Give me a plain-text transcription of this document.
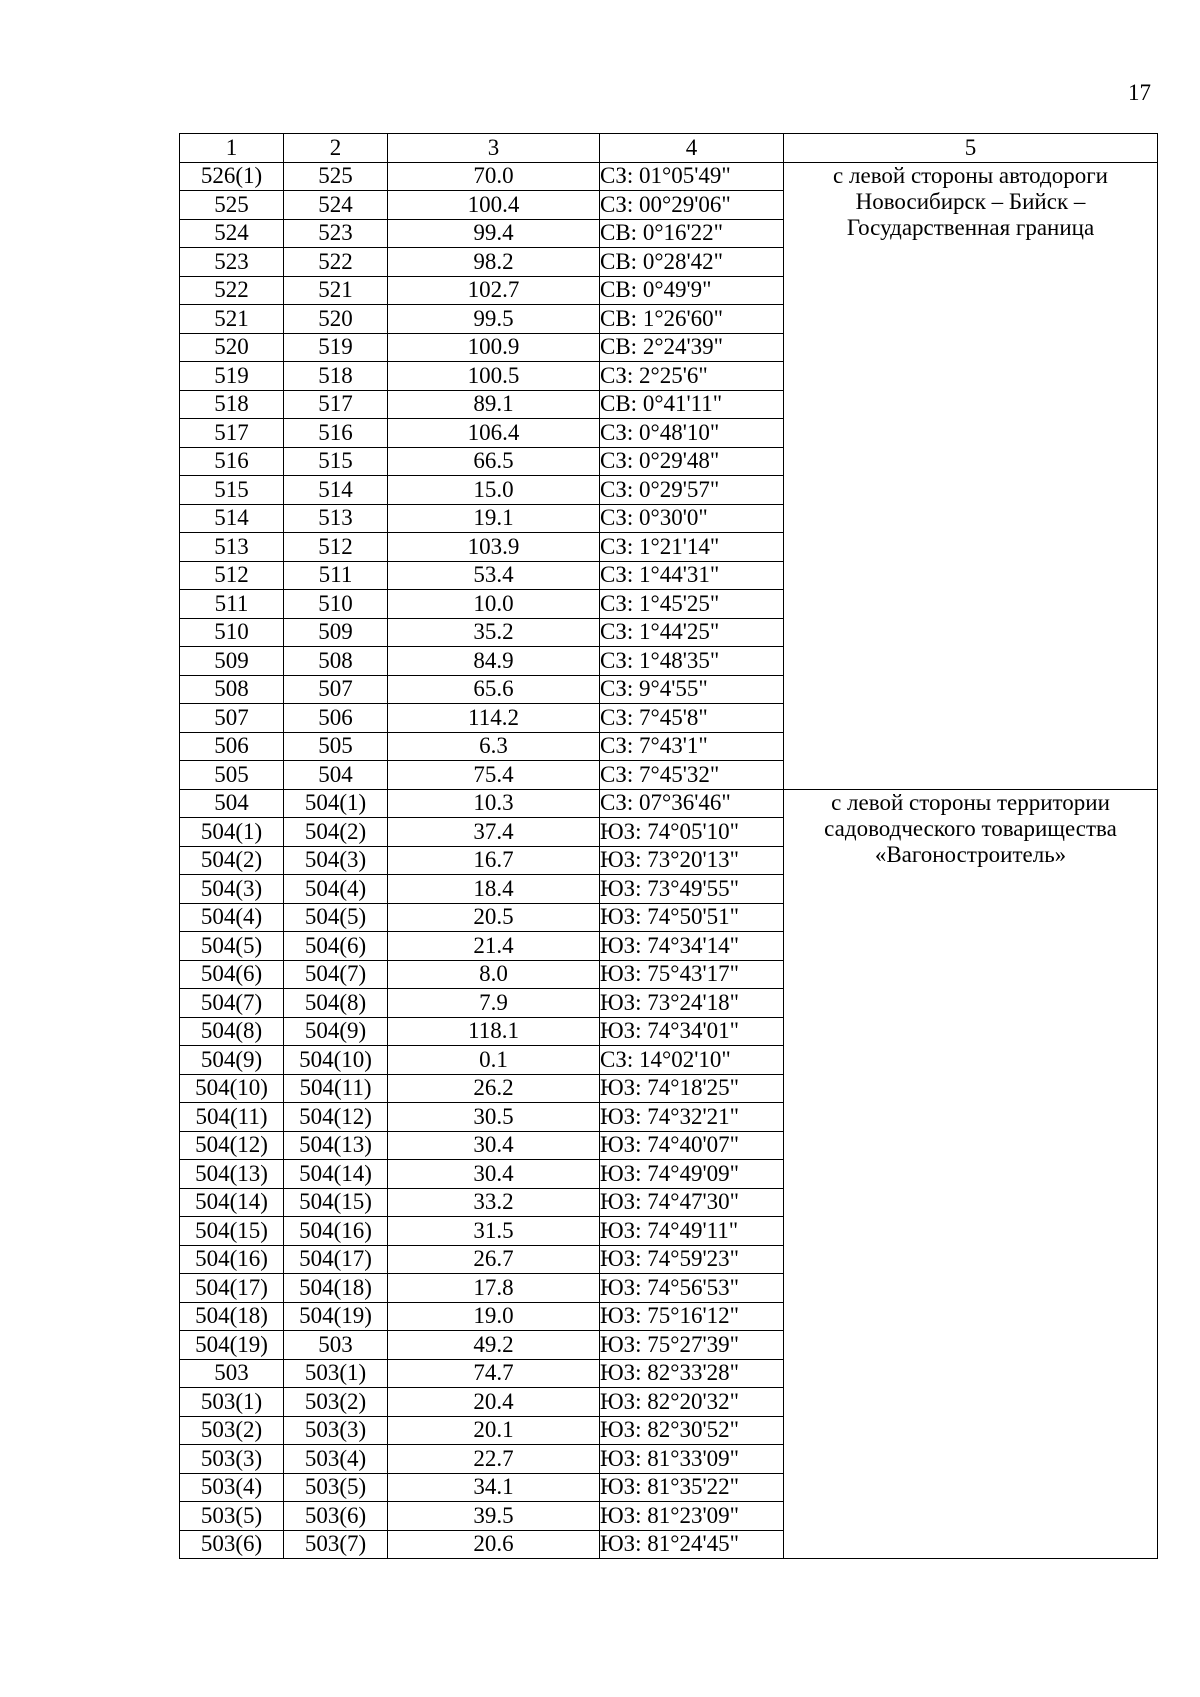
17
1	2	3	4	5
526(1)	525	70.0	СЗ: 01°05'49"	с левой стороны автодороги
Новосибирск – Бийск –
Государственная граница

525	524	100.4	СЗ: 00°29'06"	
524	523	99.4	СВ: 0°16'22"	
523	522	98.2	СВ: 0°28'42"	
522	521	102.7	СВ: 0°49'9"	
521	520	99.5	СВ: 1°26'60"	
520	519	100.9	СВ: 2°24'39"	
519	518	100.5	СЗ: 2°25'6"	
518	517	89.1	СВ: 0°41'11"	
517	516	106.4	СЗ: 0°48'10"	
516	515	66.5	СЗ: 0°29'48"	
515	514	15.0	СЗ: 0°29'57"	
514	513	19.1	СЗ: 0°30'0"	
513	512	103.9	СЗ: 1°21'14"	
512	511	53.4	СЗ: 1°44'31"	
511	510	10.0	СЗ: 1°45'25"	
510	509	35.2	СЗ: 1°44'25"	
509	508	84.9	СЗ: 1°48'35"	
508	507	65.6	СЗ: 9°4'55"	
507	506	114.2	СЗ: 7°45'8"	
506	505	6.3	СЗ: 7°43'1"	
505	504	75.4	СЗ: 7°45'32"	
504	504(1)	10.3	СЗ: 07°36'46"	с левой стороны территории
садоводческого товарищества
«Вагоностроитель»

504(1)	504(2)	37.4	ЮЗ: 74°05'10"	
504(2)	504(3)	16.7	ЮЗ: 73°20'13"	
504(3)	504(4)	18.4	ЮЗ: 73°49'55"	
504(4)	504(5)	20.5	ЮЗ: 74°50'51"	
504(5)	504(6)	21.4	ЮЗ: 74°34'14"	
504(6)	504(7)	8.0	ЮЗ: 75°43'17"	
504(7)	504(8)	7.9	ЮЗ: 73°24'18"	
504(8)	504(9)	118.1	ЮЗ: 74°34'01"	
504(9)	504(10)	0.1	СЗ: 14°02'10"	
504(10)	504(11)	26.2	ЮЗ: 74°18'25"	
504(11)	504(12)	30.5	ЮЗ: 74°32'21"	
504(12)	504(13)	30.4	ЮЗ: 74°40'07"	
504(13)	504(14)	30.4	ЮЗ: 74°49'09"	
504(14)	504(15)	33.2	ЮЗ: 74°47'30"	
504(15)	504(16)	31.5	ЮЗ: 74°49'11"	
504(16)	504(17)	26.7	ЮЗ: 74°59'23"	
504(17)	504(18)	17.8	ЮЗ: 74°56'53"	
504(18)	504(19)	19.0	ЮЗ: 75°16'12"	
504(19)	503	49.2	ЮЗ: 75°27'39"	
503	503(1)	74.7	ЮЗ: 82°33'28"	
503(1)	503(2)	20.4	ЮЗ: 82°20'32"	
503(2)	503(3)	20.1	ЮЗ: 82°30'52"	
503(3)	503(4)	22.7	ЮЗ: 81°33'09"	
503(4)	503(5)	34.1	ЮЗ: 81°35'22"	
503(5)	503(6)	39.5	ЮЗ: 81°23'09"	
503(6)	503(7)	20.6	ЮЗ: 81°24'45"	
